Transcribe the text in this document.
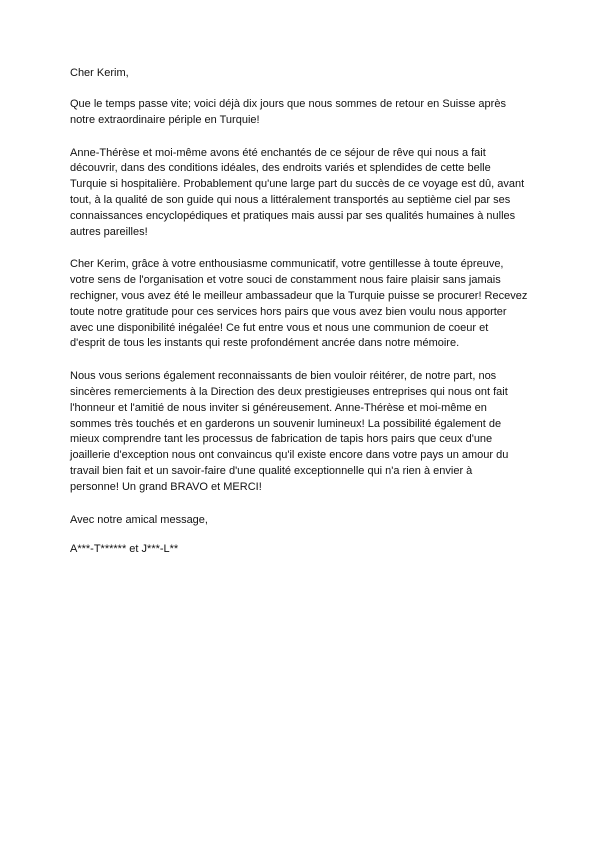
Cher Kerim,
Que le temps passe vite; voici déjà dix jours que nous sommes de retour en Suisse après
notre extraordinaire périple en Turquie!
Anne-Thérèse et moi-même avons été enchantés de ce séjour de rêve qui nous a fait
découvrir, dans des conditions idéales, des endroits variés et splendides de cette belle
Turquie si hospitalière. Probablement qu'une large part du succès de ce voyage est dû, avant
tout, à la qualité de son guide qui nous a littéralement transportés au septième ciel par ses
connaissances encyclopédiques et pratiques mais aussi par ses qualités humaines à nulles
autres pareilles!
Cher Kerim, grâce à votre enthousiasme communicatif, votre gentillesse à toute épreuve,
votre sens de l'organisation et votre souci de constamment nous faire plaisir sans jamais
rechigner, vous avez été le meilleur ambassadeur que la Turquie puisse se procurer! Recevez
toute notre gratitude pour ces services hors pairs que vous avez bien voulu nous apporter
avec une disponibilité inégalée! Ce fut entre vous et nous une communion de coeur et
d'esprit de tous les instants qui reste profondément ancrée dans notre mémoire.
Nous vous serions également reconnaissants de bien vouloir réitérer, de notre part, nos
sincères remerciements à la Direction des deux prestigieuses entreprises qui nous ont fait
l'honneur et l'amitié de nous inviter si généreusement. Anne-Thérèse et moi-même en
sommes très touchés et en garderons un souvenir lumineux! La possibilité également de
mieux comprendre tant les processus de fabrication de tapis hors pairs que ceux d'une
joaillerie d'exception nous ont convaincus qu'il existe encore dans votre pays un amour du
travail bien fait et un savoir-faire d'une qualité exceptionnelle qui n'a rien à envier à
personne! Un grand BRAVO et MERCI!
Avec notre amical message,
A***-T****** et J***-L**
